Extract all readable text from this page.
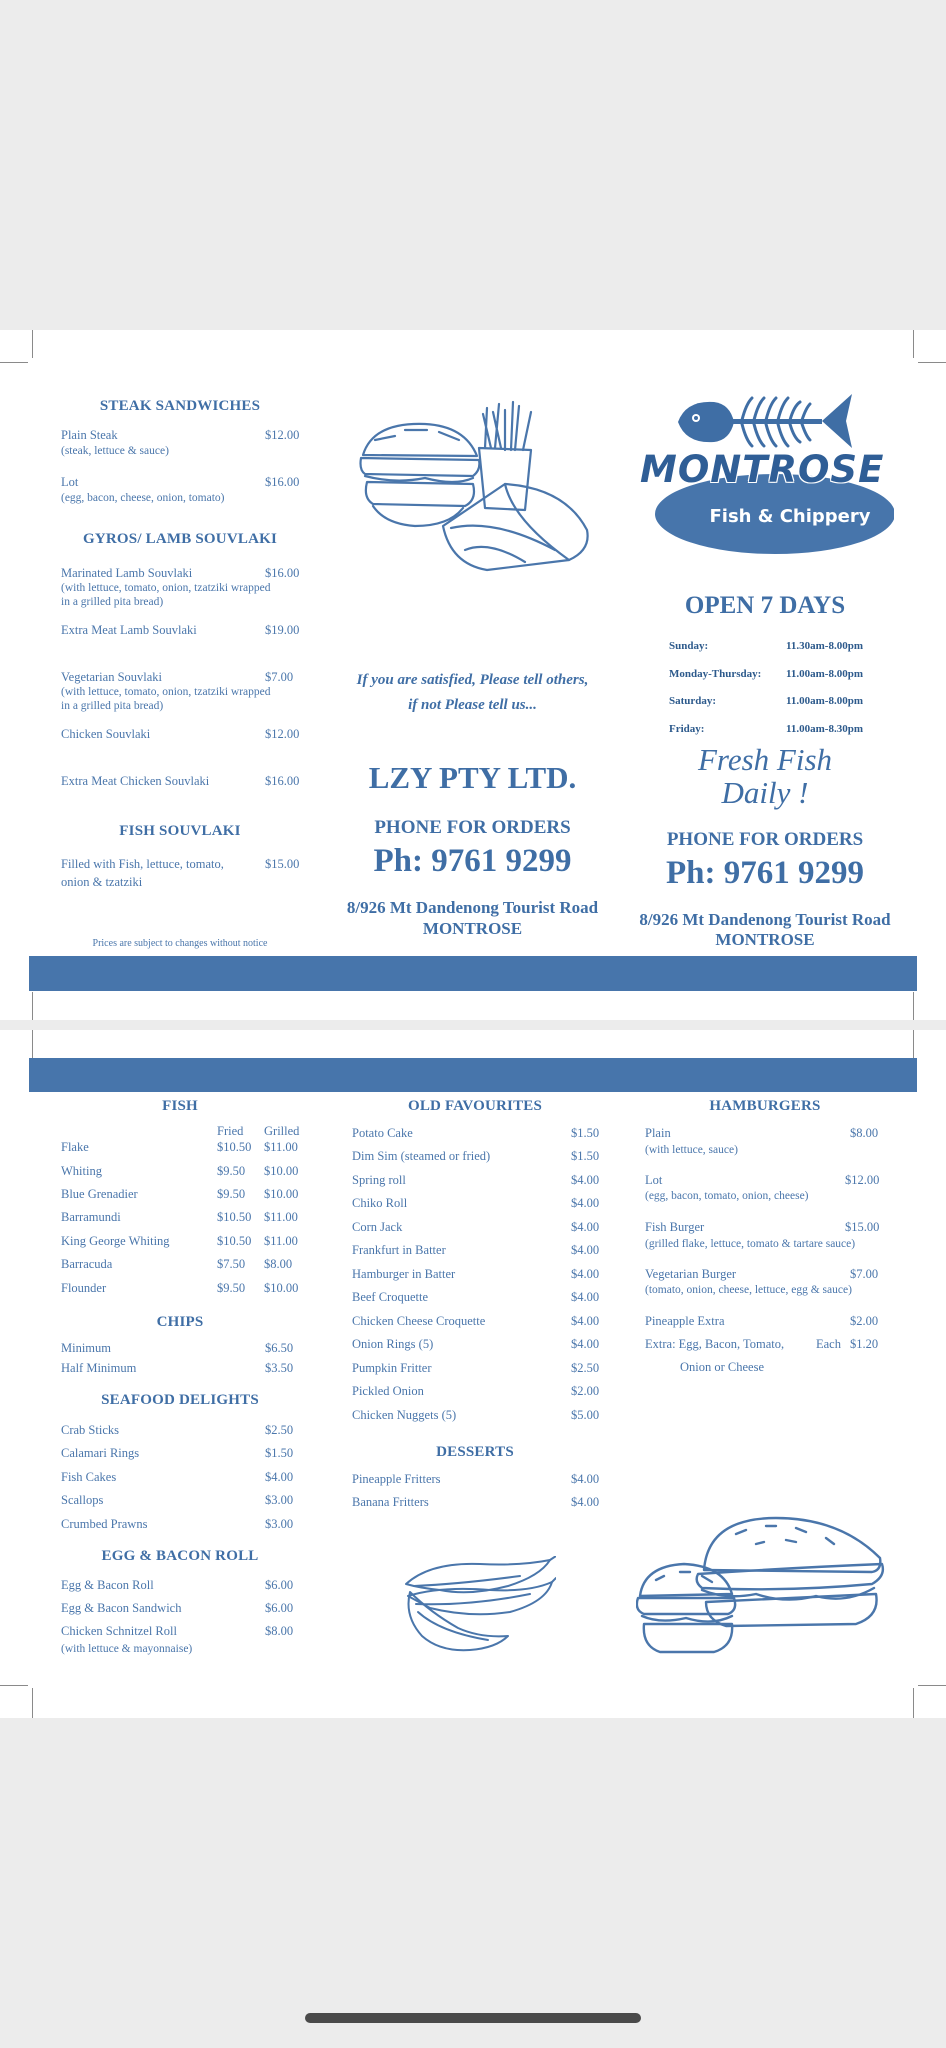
STEAK SANDWICHES
Plain Steak	$12.00
(steak, lettuce & sauce)
Lot	$16.00
(egg, bacon, cheese, onion, tomato)
GYROS/ LAMB SOUVLAKI
Marinated Lamb Souvlaki	$16.00
(with lettuce, tomato, onion, tzatziki wrapped
in a grilled pita bread)
Extra Meat Lamb Souvlaki	$19.00
Vegetarian Souvlaki	$7.00
(with lettuce, tomato, onion, tzatziki wrapped
in a grilled pita bread)
Chicken Souvlaki	$12.00
Extra Meat Chicken Souvlaki	$16.00
FISH SOUVLAKI
Filled with Fish, lettuce, tomato,	$15.00
onion & tzatziki
Prices are subject to changes without notice
If you are satisfied, Please tell others,
if not Please tell us...
LZY PTY LTD.
PHONE FOR ORDERS
Ph: 9761 9299
8/926 Mt Dandenong Tourist Road
MONTROSE
MONTROSE
Fish & Chippery
OPEN 7 DAYS
Sunday:	11.30am-8.00pm
Monday-Thursday: 11.00am-8.00pm
Saturday:	11.00am-8.00pm
Friday:	11.00am-8.30pm
Fresh Fish
Daily !
PHONE FOR ORDERS
Ph: 9761 9299
8/926 Mt Dandenong Tourist Road
MONTROSE
FISH
Fried Grilled
Flake	$10.50 $11.00
Whiting	$9.50 $10.00
Blue Grenadier	$9.50 $10.00
Barramundi	$10.50 $11.00
King George Whiting	$10.50 $11.00
Barracuda	$7.50 $8.00
Flounder	$9.50 $10.00
CHIPS
Minimum	$6.50
Half Minimum	$3.50
SEAFOOD DELIGHTS
Crab Sticks	$2.50
Calamari Rings	$1.50
Fish Cakes	$4.00
Scallops	$3.00
Crumbed Prawns	$3.00
EGG & BACON ROLL
Egg & Bacon Roll	$6.00
Egg & Bacon Sandwich	$6.00
Chicken Schnitzel Roll	$8.00
(with lettuce & mayonnaise)
OLD FAVOURITES
Potato Cake	$1.50
Dim Sim (steamed or fried)	$1.50
Spring roll	$4.00
Chiko Roll	$4.00
Corn Jack	$4.00
Frankfurt in Batter	$4.00
Hamburger in Batter	$4.00
Beef Croquette	$4.00
Chicken Cheese Croquette	$4.00
Onion Rings (5)	$4.00
Pumpkin Fritter	$2.50
Pickled Onion	$2.00
Chicken Nuggets (5)	$5.00
DESSERTS
Pineapple Fritters	$4.00
Banana Fritters	$4.00
HAMBURGERS
Plain	$8.00
(with lettuce, sauce)
Lot	$12.00
(egg, bacon, tomato, onion, cheese)
Fish Burger	$15.00
(grilled flake, lettuce, tomato & tartare sauce)
Vegetarian Burger	$7.00
(tomato, onion, cheese, lettuce, egg & sauce)
Pineapple Extra	$2.00
Extra: Egg, Bacon, Tomato,	Each $1.20
Onion or Cheese
